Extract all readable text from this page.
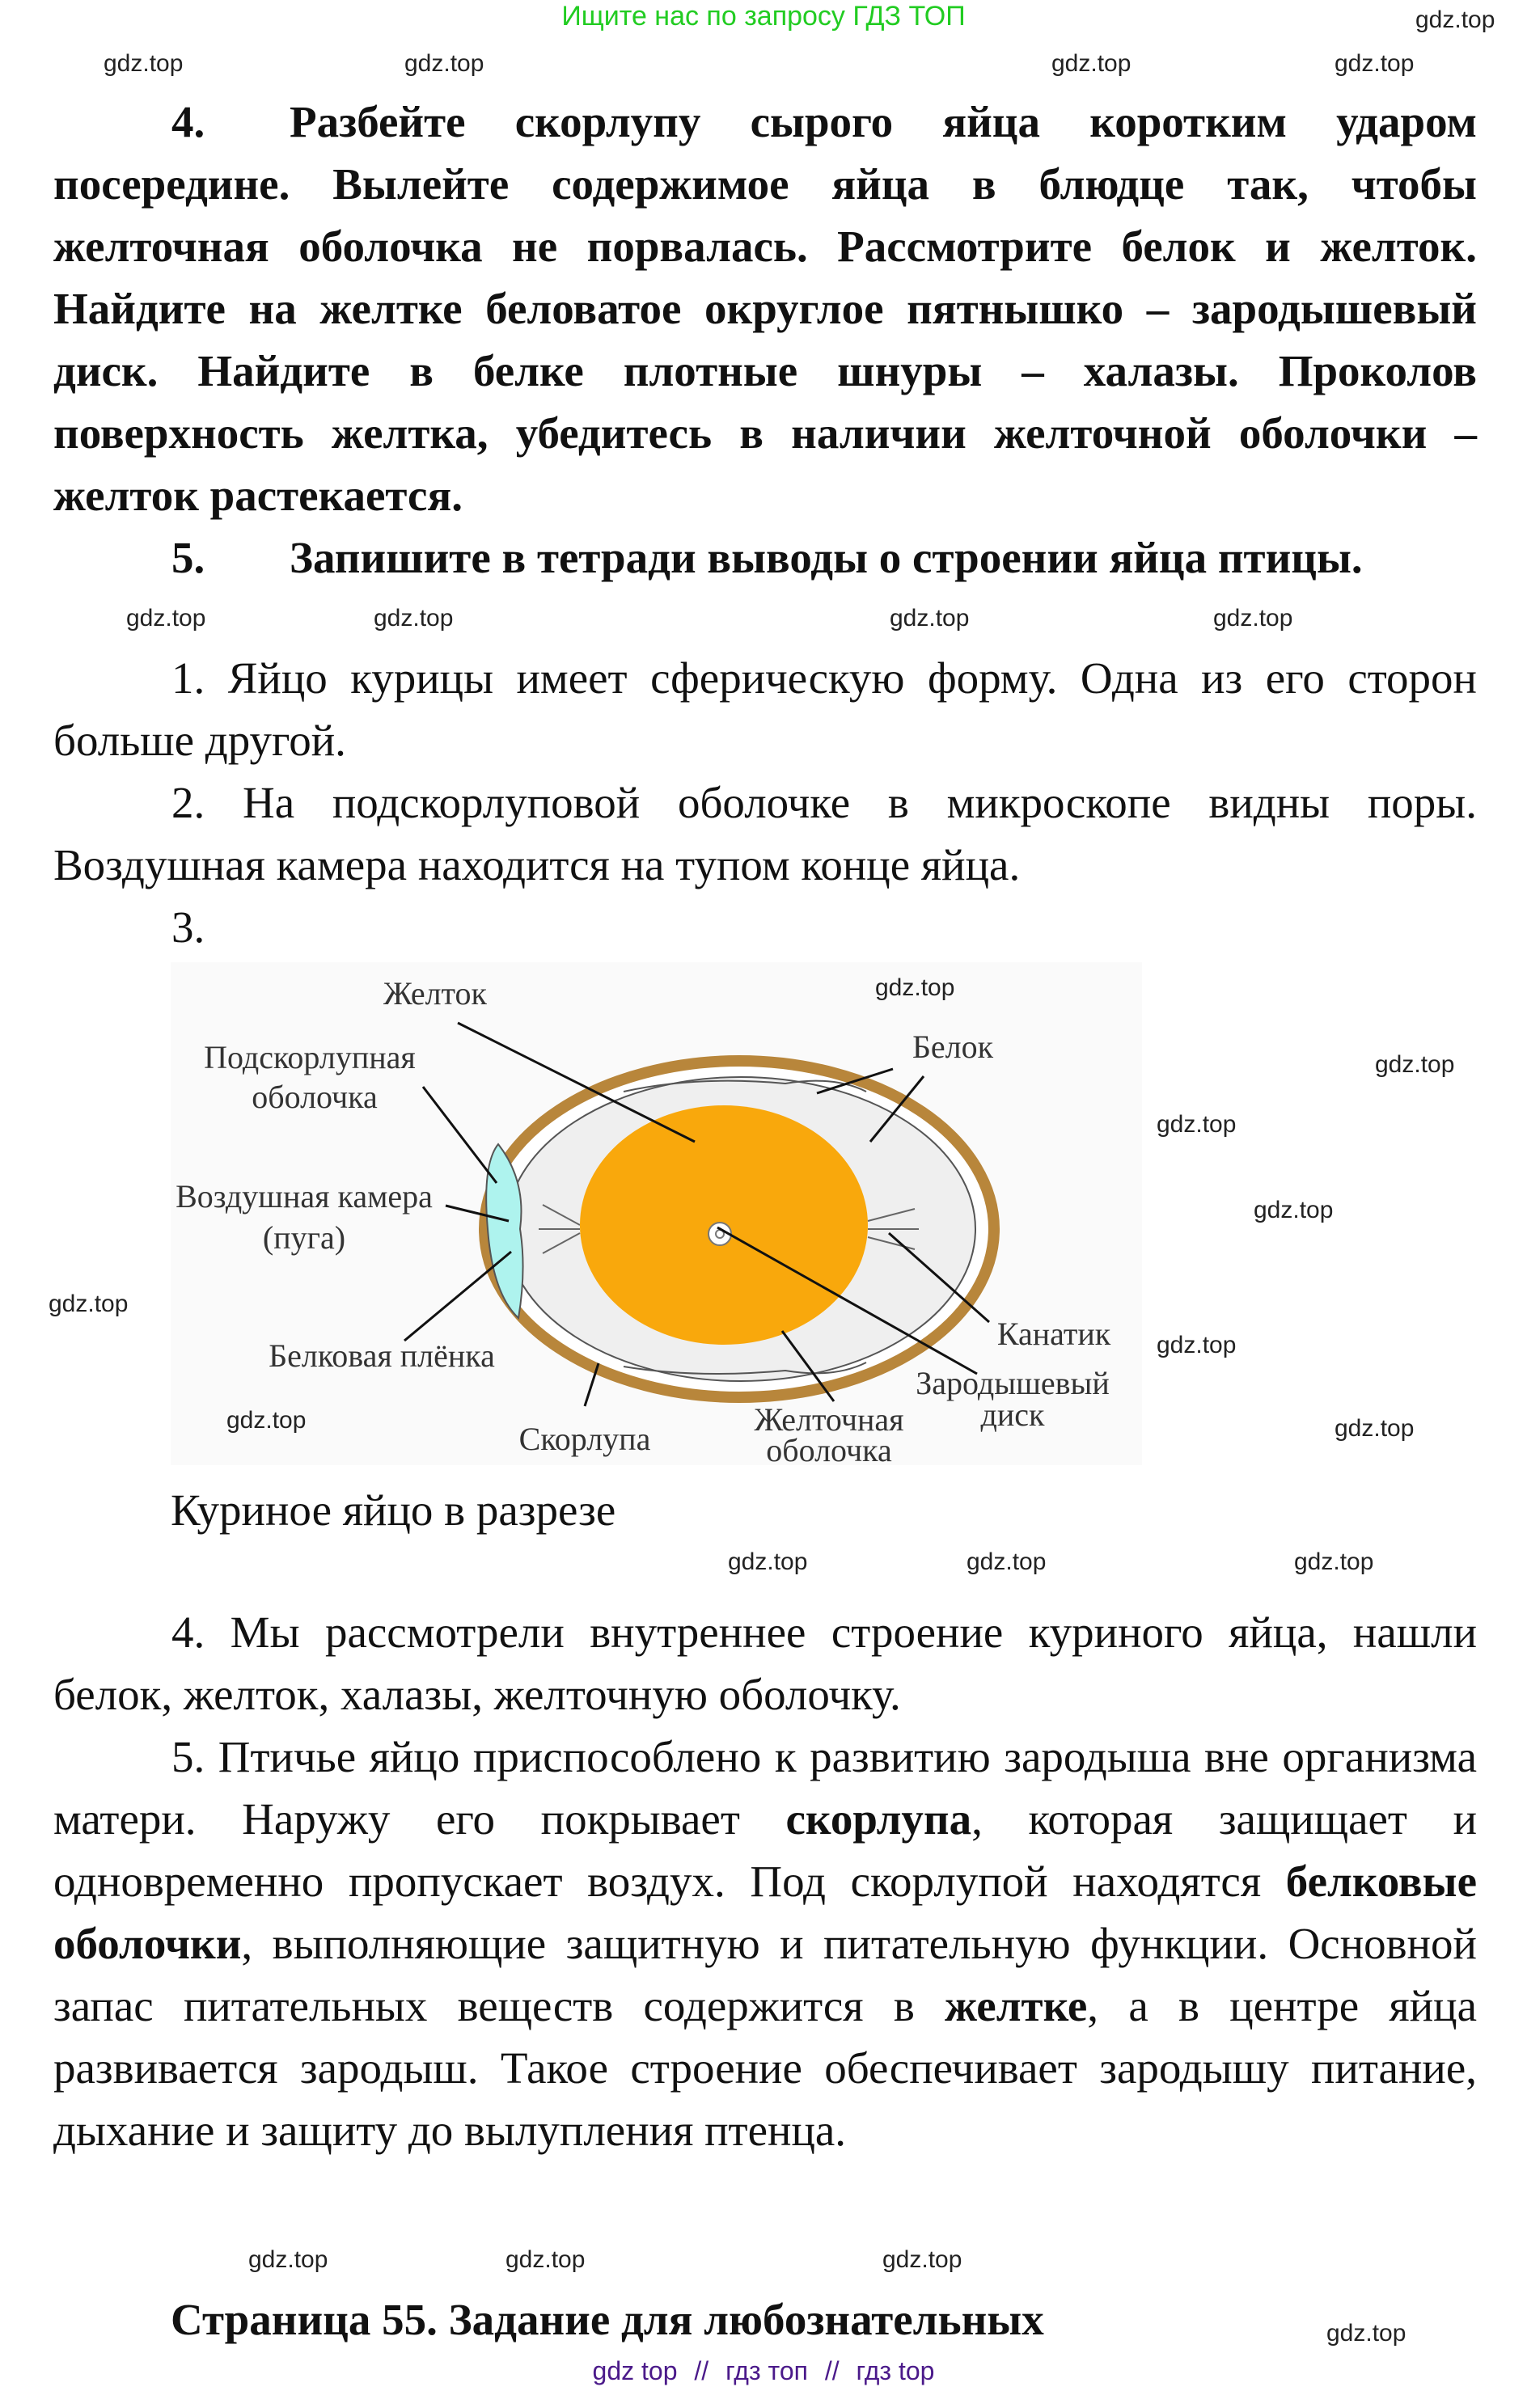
Ищите нас по запросу ГДЗ ТОП

4. Разбейте скорлупу сырого яйца коротким ударом посередине. Вылейте содержимое яйца в блюдце так, чтобы желточная оболочка не порвалась. Рассмотрите белок и желток. Найдите на желтке беловатое округлое пятнышко – зародышевый диск. Найдите в белке плотные шнуры – халазы. Проколов поверхность желтка, убедитесь в наличии желточной оболочки – желток растекается.

5. Запишите в тетради выводы о строении яйца птицы.

1. Яйцо курицы имеет сферическую форму. Одна из его сторон больше другой.

2. На подскорлуповой оболочке в микроскопе видны поры. Воздушная камера находится на тупом конце яйца.

3.

Желток
Подскорлупная
оболочка
Воздушная камера
(пуга)
Белковая плёнка
Скорлупа
Желточная
оболочка
Белок
Канатик
Зародышевый
диск
Куриное яйцо в разрезе

4. Мы рассмотрели внутреннее строение куриного яйца, нашли белок, желток, халазы, желточную оболочку.

5. Птичье яйцо приспособлено к развитию зародыша вне организма матери. Наружу его покрывает скорлупа, которая защищает и одновременно пропускает воздух. Под скорлупой находятся белковые оболочки, выполняющие защитную и питательную функции. Основной запас питательных веществ содержится в желтке, а в центре яйца развивается зародыш. Такое строение обеспечивает зародышу питание, дыхание и защиту до вылупления птенца.

Страница 55. Задание для любознательных
gdz top // гдз топ // гдз top
gdz.top	gdz.top	gdz.top	gdz.top
gdz.top
gdz.top	gdz.top	gdz.top	gdz.top
gdz.top
gdz.top
gdz.top
gdz.top
gdz.top
gdz.top
gdz.top
gdz.top
gdz.top	gdz.top	gdz.top
gdz.top	gdz.top	gdz.top
gdz.top
